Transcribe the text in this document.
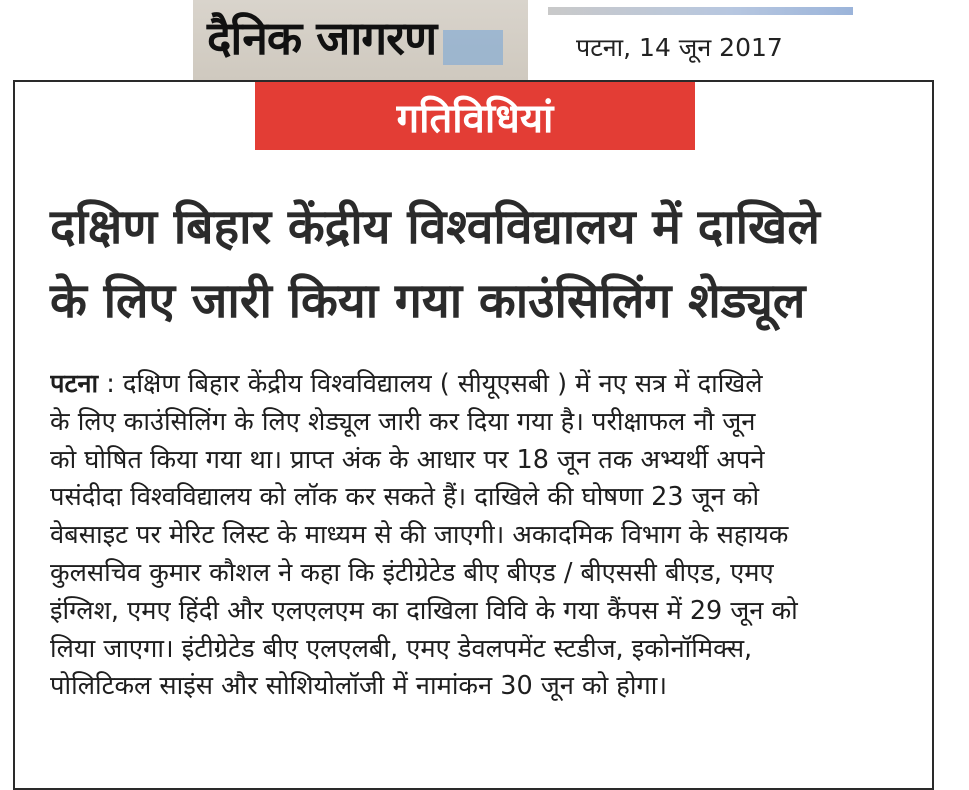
दैनिक जागरण	पटना, 14 जून 2017
गतिविधियां
दक्षिण बिहार केंद्रीय विश्वविद्यालय में दाखिले
के लिए जारी किया गया काउंसिलिंग शेड्यूल
पटना : दक्षिण बिहार केंद्रीय विश्वविद्यालय ( सीयूएसबी ) में नए सत्र में दाखिले
के लिए काउंसिलिंग के लिए शेड्यूल जारी कर दिया गया है। परीक्षाफल नौ जून
को घोषित किया गया था। प्राप्त अंक के आधार पर 18 जून तक अभ्यर्थी अपने
पसंदीदा विश्वविद्यालय को लॉक कर सकते हैं। दाखिले की घोषणा 23 जून को
वेबसाइट पर मेरिट लिस्ट के माध्यम से की जाएगी। अकादमिक विभाग के सहायक
कुलसचिव कुमार कौशल ने कहा कि इंटीग्रेटेड बीए बीएड / बीएससी बीएड, एमए
इंग्लिश, एमए हिंदी और एलएलएम का दाखिला विवि के गया कैंपस में 29 जून को
लिया जाएगा। इंटीग्रेटेड बीए एलएलबी, एमए डेवलपमेंट स्टडीज, इकोनॉमिक्स,
पोलिटिकल साइंस और सोशियोलॉजी में नामांकन 30 जून को होगा।
